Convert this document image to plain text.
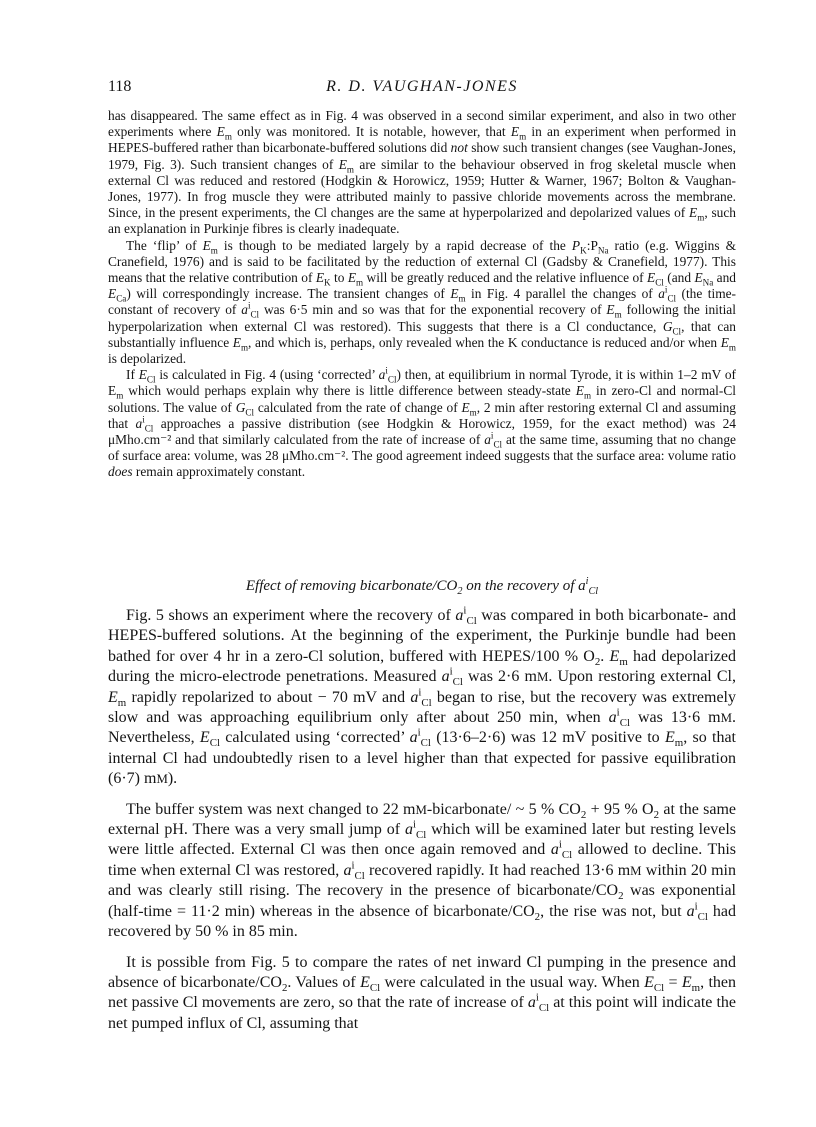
118	R. D. VAUGHAN-JONES

has disappeared. The same effect as in Fig. 4 was observed in a second similar experiment, and also in two other experiments where $E_m$ only was monitored. It is notable, however, that $E_m$ in an experiment when performed in HEPES-buffered rather than bicarbonate-buffered solutions did not show such transient changes (see Vaughan-Jones, 1979, Fig. 3). Such transient changes of $E_m$ are similar to the behaviour observed in frog skeletal muscle when external Cl was reduced and restored (Hodgkin & Horowicz, 1959; Hutter & Warner, 1967; Bolton & Vaughan-Jones, 1977). In frog muscle they were attributed mainly to passive chloride movements across the membrane. Since, in the present experiments, the Cl changes are the same at hyperpolarized and depolarized values of $E_m$, such an explanation in Purkinje fibres is clearly inadequate.

The ‘flip’ of $E_m$ is though to be mediated largely by a rapid decrease of the $P_K:P_{Na}$ ratio (e.g. Wiggins & Cranefield, 1976) and is said to be facilitated by the reduction of external Cl (Gadsby & Cranefield, 1977). This means that the relative contribution of $E_K$ to $E_m$ will be greatly reduced and the relative influence of $E_{Cl}$ (and $E_{Na}$ and $E_{Ca}$) will correspondingly increase. The transient changes of $E_m$ in Fig. 4 parallel the changes of $a^i_{Cl}$ (the time-constant of recovery of $a^i_{Cl}$ was 6·5 min and so was that for the exponential recovery of $E_m$ following the initial hyperpolarization when external Cl was restored). This suggests that there is a Cl conductance, $G_{Cl}$, that can substantially influence $E_m$, and which is, perhaps, only revealed when the K conductance is reduced and/or when $E_m$ is depolarized.

If $E_{Cl}$ is calculated in Fig. 4 (using ‘corrected’ $a^i_{Cl}$) then, at equilibrium in normal Tyrode, it is within 1–2 mV of $E_m$ which would perhaps explain why there is little difference between steady-state $E_m$ in zero-Cl and normal-Cl solutions. The value of $G_{Cl}$ calculated from the rate of change of $E_m$, 2 min after restoring external Cl and assuming that $a^i_{Cl}$ approaches a passive distribution (see Hodgkin & Horowicz, 1959, for the exact method) was 24 μMho.cm⁻² and that similarly calculated from the rate of increase of $a^i_{Cl}$ at the same time, assuming that no change of surface area: volume, was 28 μMho.cm⁻². The good agreement indeed suggests that the surface area: volume ratio does remain approximately constant.

Effect of removing bicarbonate/$CO_2$ on the recovery of $a^i_{Cl}$

Fig. 5 shows an experiment where the recovery of $a^i_{Cl}$ was compared in both bicarbonate- and HEPES-buffered solutions. At the beginning of the experiment, the Purkinje bundle had been bathed for over 4 hr in a zero-Cl solution, buffered with HEPES/100 % $O_2$. $E_m$ had depolarized during the micro-electrode penetrations. Measured $a^i_{Cl}$ was 2·6 mM. Upon restoring external Cl, $E_m$ rapidly repolarized to about − 70 mV and $a^i_{Cl}$ began to rise, but the recovery was extremely slow and was approaching equilibrium only after about 250 min, when $a^i_{Cl}$ was 13·6 mM. Nevertheless, $E_{Cl}$ calculated using ‘corrected’ $a^i_{Cl}$ (13·6–2·6) was 12 mV positive to $E_m$, so that internal Cl had undoubtedly risen to a level higher than that expected for passive equilibration (6·7) mM).

The buffer system was next changed to 22 mM-bicarbonate/ ~ 5 % $CO_2 + 95$ % $O_2$ at the same external pH. There was a very small jump of $a^i_{Cl}$ which will be examined later but resting levels were little affected. External Cl was then once again removed and $a^i_{Cl}$ allowed to decline. This time when external Cl was restored, $a^i_{Cl}$ recovered rapidly. It had reached 13·6 mM within 20 min and was clearly still rising. The recovery in the presence of bicarbonate/$CO_2$ was exponential (half-time = 11·2 min) whereas in the absence of bicarbonate/$CO_2$, the rise was not, but $a^i_{Cl}$ had recovered by 50 % in 85 min.

It is possible from Fig. 5 to compare the rates of net inward Cl pumping in the presence and absence of bicarbonate/$CO_2$. Values of $E_{Cl}$ were calculated in the usual way. When $E_{Cl} = E_m$, then net passive Cl movements are zero, so that the rate of increase of $a^i_{Cl}$ at this point will indicate the net pumped influx of Cl, assuming that
